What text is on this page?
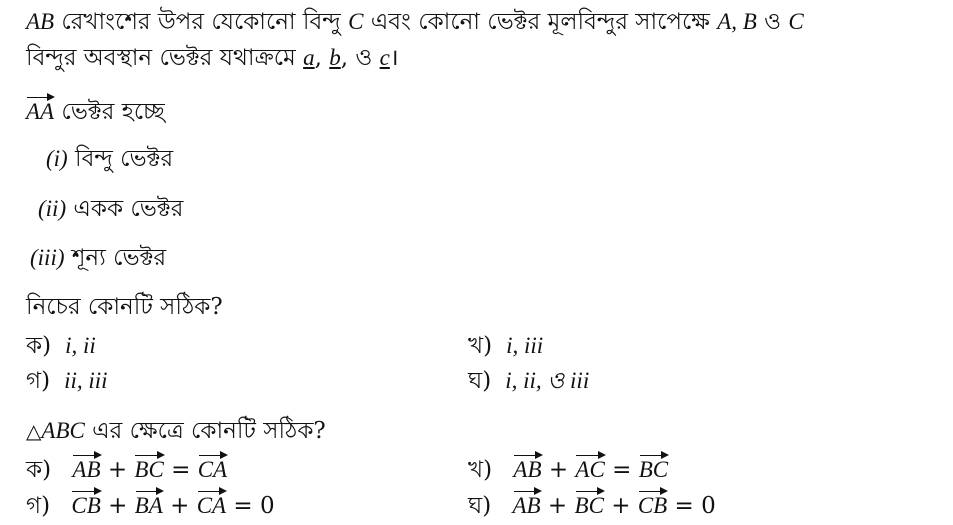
AB রেখাংশের উপর যেকোনো বিন্দু C এবং কোনো ভেক্টর মূলবিন্দুর সাপেক্ষে A, B ও C
বিন্দুর অবস্থান ভেক্টর যথাক্রমে a, b, ও c।
AA ভেক্টর হচ্ছে
(i) বিন্দু ভেক্টর
(ii) একক ভেক্টর
(iii) শূন্য ভেক্টর
নিচের কোনটি সঠিক?
ক) i, ii	খ) i, iii
গ) ii, iii	ঘ) i, ii, ও iii
△ABC এর ক্ষেত্রে কোনটি সঠিক?
ক) AB + BC = CA	খ) AB + AC = BC
গ) CB + BA + CA = 0	ঘ) AB + BC + CB = 0
